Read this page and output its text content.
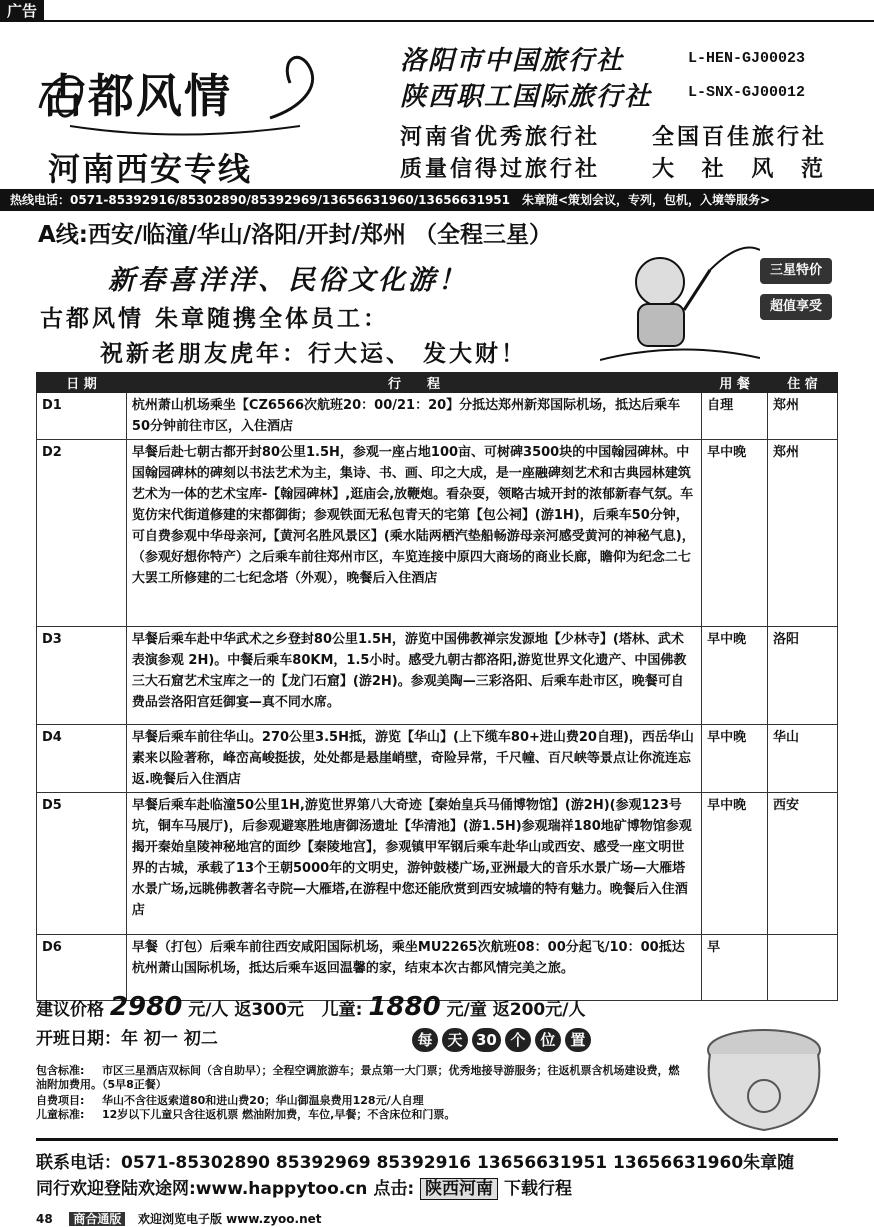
广告
古都风情
河南西安专线
洛阳市中国旅行社	L-HEN-GJ00023
陕西职工国际旅行社 L-SNX-GJ00012
河南省优秀旅行社 全国百佳旅行社
质量信得过旅行社 大 社 风 范
热线电话：0571-85392916/85302890/85392969/13656631960/13656631951　朱章随<策划会议，专列，包机，入境等服务>
A线:西安/临潼/华山/洛阳/开封/郑州 （全程三星）
新春喜洋洋、民俗文化游！
古都风情 朱章随携全体员工：
祝新老朋友虎年：行大运、 发大财！
三星特价
超值享受
日 期	行　　程	用 餐	住 宿
D1	杭州萧山机场乘坐【CZ6566次航班20：00/21：20】分抵达郑州新郑国际机场，抵达后乘车50分钟前往市区，入住酒店	自理	郑州
D2	早餐后赴七朝古都开封80公里1.5H，参观一座占地100亩、可树碑3500块的中国翰园碑林。中国翰园碑林的碑刻以书法艺术为主，集诗、书、画、印之大成，是一座融碑刻艺术和古典园林建筑艺术为一体的艺术宝库-【翰园碑林】,逛庙会,放鞭炮。看杂耍，领略古城开封的浓郁新春气氛。车览仿宋代街道修建的宋都御街；参观铁面无私包青天的宅第【包公祠】(游1H)，后乘车50分钟，可自费参观中华母亲河,【黄河名胜风景区】(乘水陆两栖汽垫船畅游母亲河感受黄河的神秘气息)，（参观好想你特产）之后乘车前往郑州市区，车览连接中原四大商场的商业长廊，瞻仰为纪念二七大罢工所修建的二七纪念塔（外观），晚餐后入住酒店	早中晚	郑州
D3	早餐后乘车赴中华武术之乡登封80公里1.5H，游览中国佛教禅宗发源地【少林寺】(塔林、武术表演参观 2H)。中餐后乘车80KM，1.5小时。感受九朝古都洛阳,游览世界文化遗产、中国佛教三大石窟艺术宝库之一的【龙门石窟】(游2H)。参观美陶—三彩洛阳、后乘车赴市区，晚餐可自费品尝洛阳宫廷御宴—真不同水席。	早中晚	洛阳
D4	早餐后乘车前往华山。270公里3.5H抵，游览【华山】(上下缆车80+进山费20自理)，西岳华山素来以险著称，峰峦高峻挺拔，处处都是悬崖峭壁，奇险异常，千尺幢、百尺峡等景点让你流连忘返.晚餐后入住酒店	早中晚	华山
D5	早餐后乘车赴临潼50公里1H,游览世界第八大奇迹【秦始皇兵马俑博物馆】(游2H)(参观123号坑，铜车马展厅)，后参观避寒胜地唐御汤遗址【华清池】(游1.5H)参观瑞祥180地矿博物馆参观揭开秦始皇陵神秘地宫的面纱【秦陵地宫】，参观镇甲军钢后乘车赴华山或西安、感受一座文明世界的古城，承载了13个王朝5000年的文明史，游钟鼓楼广场,亚洲最大的音乐水景广场—大雁塔水景广场,远眺佛教著名寺院—大雁塔,在游程中您还能欣赏到西安城墙的特有魅力。晚餐后入住酒店	早中晚	西安
D6	早餐（打包）后乘车前往西安咸阳国际机场，乘坐MU2265次航班08：00分起飞/10：00抵达杭州萧山国际机场，抵达后乘车返回温馨的家，结束本次古都风情完美之旅。	早	
建议价格 2980 元/人 返300元 儿童: 1880 元/童 返200元/人
开班日期：年 初一 初二	每 天 30 个 位 置
包含标准: 市区三星酒店双标间（含自助早）；全程空调旅游车；景点第一大门票；优秀地接导游服务；往返机票含机场建设费，燃油附加费用。（5早8正餐）
自费项目: 华山不含往返索道80和进山费20；华山御温泉费用128元/人自理
儿童标准: 12岁以下儿童只含往返机票 燃油附加费，车位,早餐；不含床位和门票。
联系电话：0571-85302890 85392969 85392916 13656631951 13656631960朱章随
同行欢迎登陆欢途网:www.happytoo.cn 点击: 陕西河南 下载行程
48 商合通版 欢迎浏览电子版 www.zyoo.net
